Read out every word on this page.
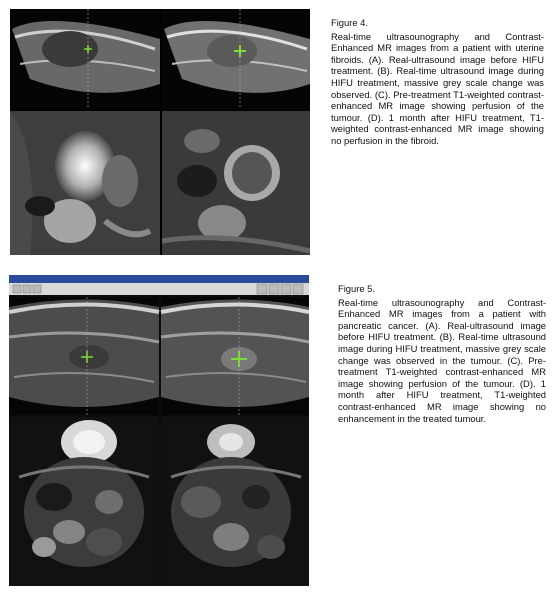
Figure 4.
Real-time ultrasounography and Contrast-Enhanced MR images from a patient with uterine fibroids. (A). Real-ultrasound image before HIFU treatment. (B). Real-time ultrasound image during HIFU treatment, massive grey scale change was observed. (C). Pre-treatment T1-weighted contrast-enhanced MR image showing perfusion of the tumour. (D). 1 month after HIFU treatment, T1-weighted contrast-enhanced MR image showing no perfusion in the fibroid.
Figure 5.
Real-time ultrasounography and Contrast-Enhanced MR images from a patient with pancreatic cancer. (A). Real-ultrasound image before HIFU treatment. (B). Real-time ultrasound image during HIFU treatment, massive grey scale change was observed in the tumour. (C). Pre-treatment T1-weighted contrast-enhanced MR image showing perfusion of the tumour. (D). 1 month after HIFU treatment, T1-weighted contrast-enhanced MR image showing no enhancement in the treated tumour.
